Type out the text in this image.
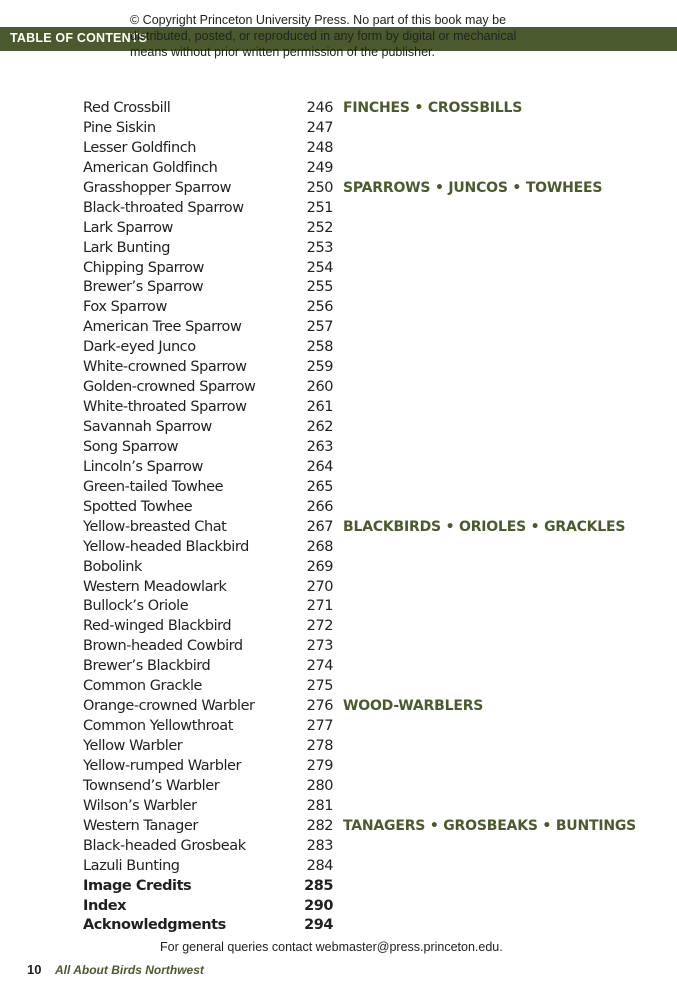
TABLE OF CONTENTS
© Copyright Princeton University Press. No part of this book may be distributed, posted, or reproduced in any form by digital or mechanical means without prior written permission of the publisher.
Red Crossbill	246 FINCHES • CROSSBILLS
Pine Siskin	247
Lesser Goldfinch	248
American Goldfinch	249
Grasshopper Sparrow	250 SPARROWS • JUNCOS • TOWHEES
Black-throated Sparrow	251
Lark Sparrow	252
Lark Bunting	253
Chipping Sparrow	254
Brewer’s Sparrow	255
Fox Sparrow	256
American Tree Sparrow	257
Dark-eyed Junco	258
White-crowned Sparrow	259
Golden-crowned Sparrow	260
White-throated Sparrow	261
Savannah Sparrow	262
Song Sparrow	263
Lincoln’s Sparrow	264
Green-tailed Towhee	265
Spotted Towhee	266
Yellow-breasted Chat	267 BLACKBIRDS • ORIOLES • GRACKLES
Yellow-headed Blackbird	268
Bobolink	269
Western Meadowlark	270
Bullock’s Oriole	271
Red-winged Blackbird	272
Brown-headed Cowbird	273
Brewer’s Blackbird	274
Common Grackle	275
Orange-crowned Warbler	276 WOOD-WARBLERS
Common Yellowthroat	277
Yellow Warbler	278
Yellow-rumped Warbler	279
Townsend’s Warbler	280
Wilson’s Warbler	281
Western Tanager	282 TANAGERS • GROSBEAKS • BUNTINGS
Black-headed Grosbeak	283
Lazuli Bunting	284
Image Credits	285
Index	290
Acknowledgments	294
For general queries contact webmaster@press.princeton.edu.
10 All About Birds Northwest
